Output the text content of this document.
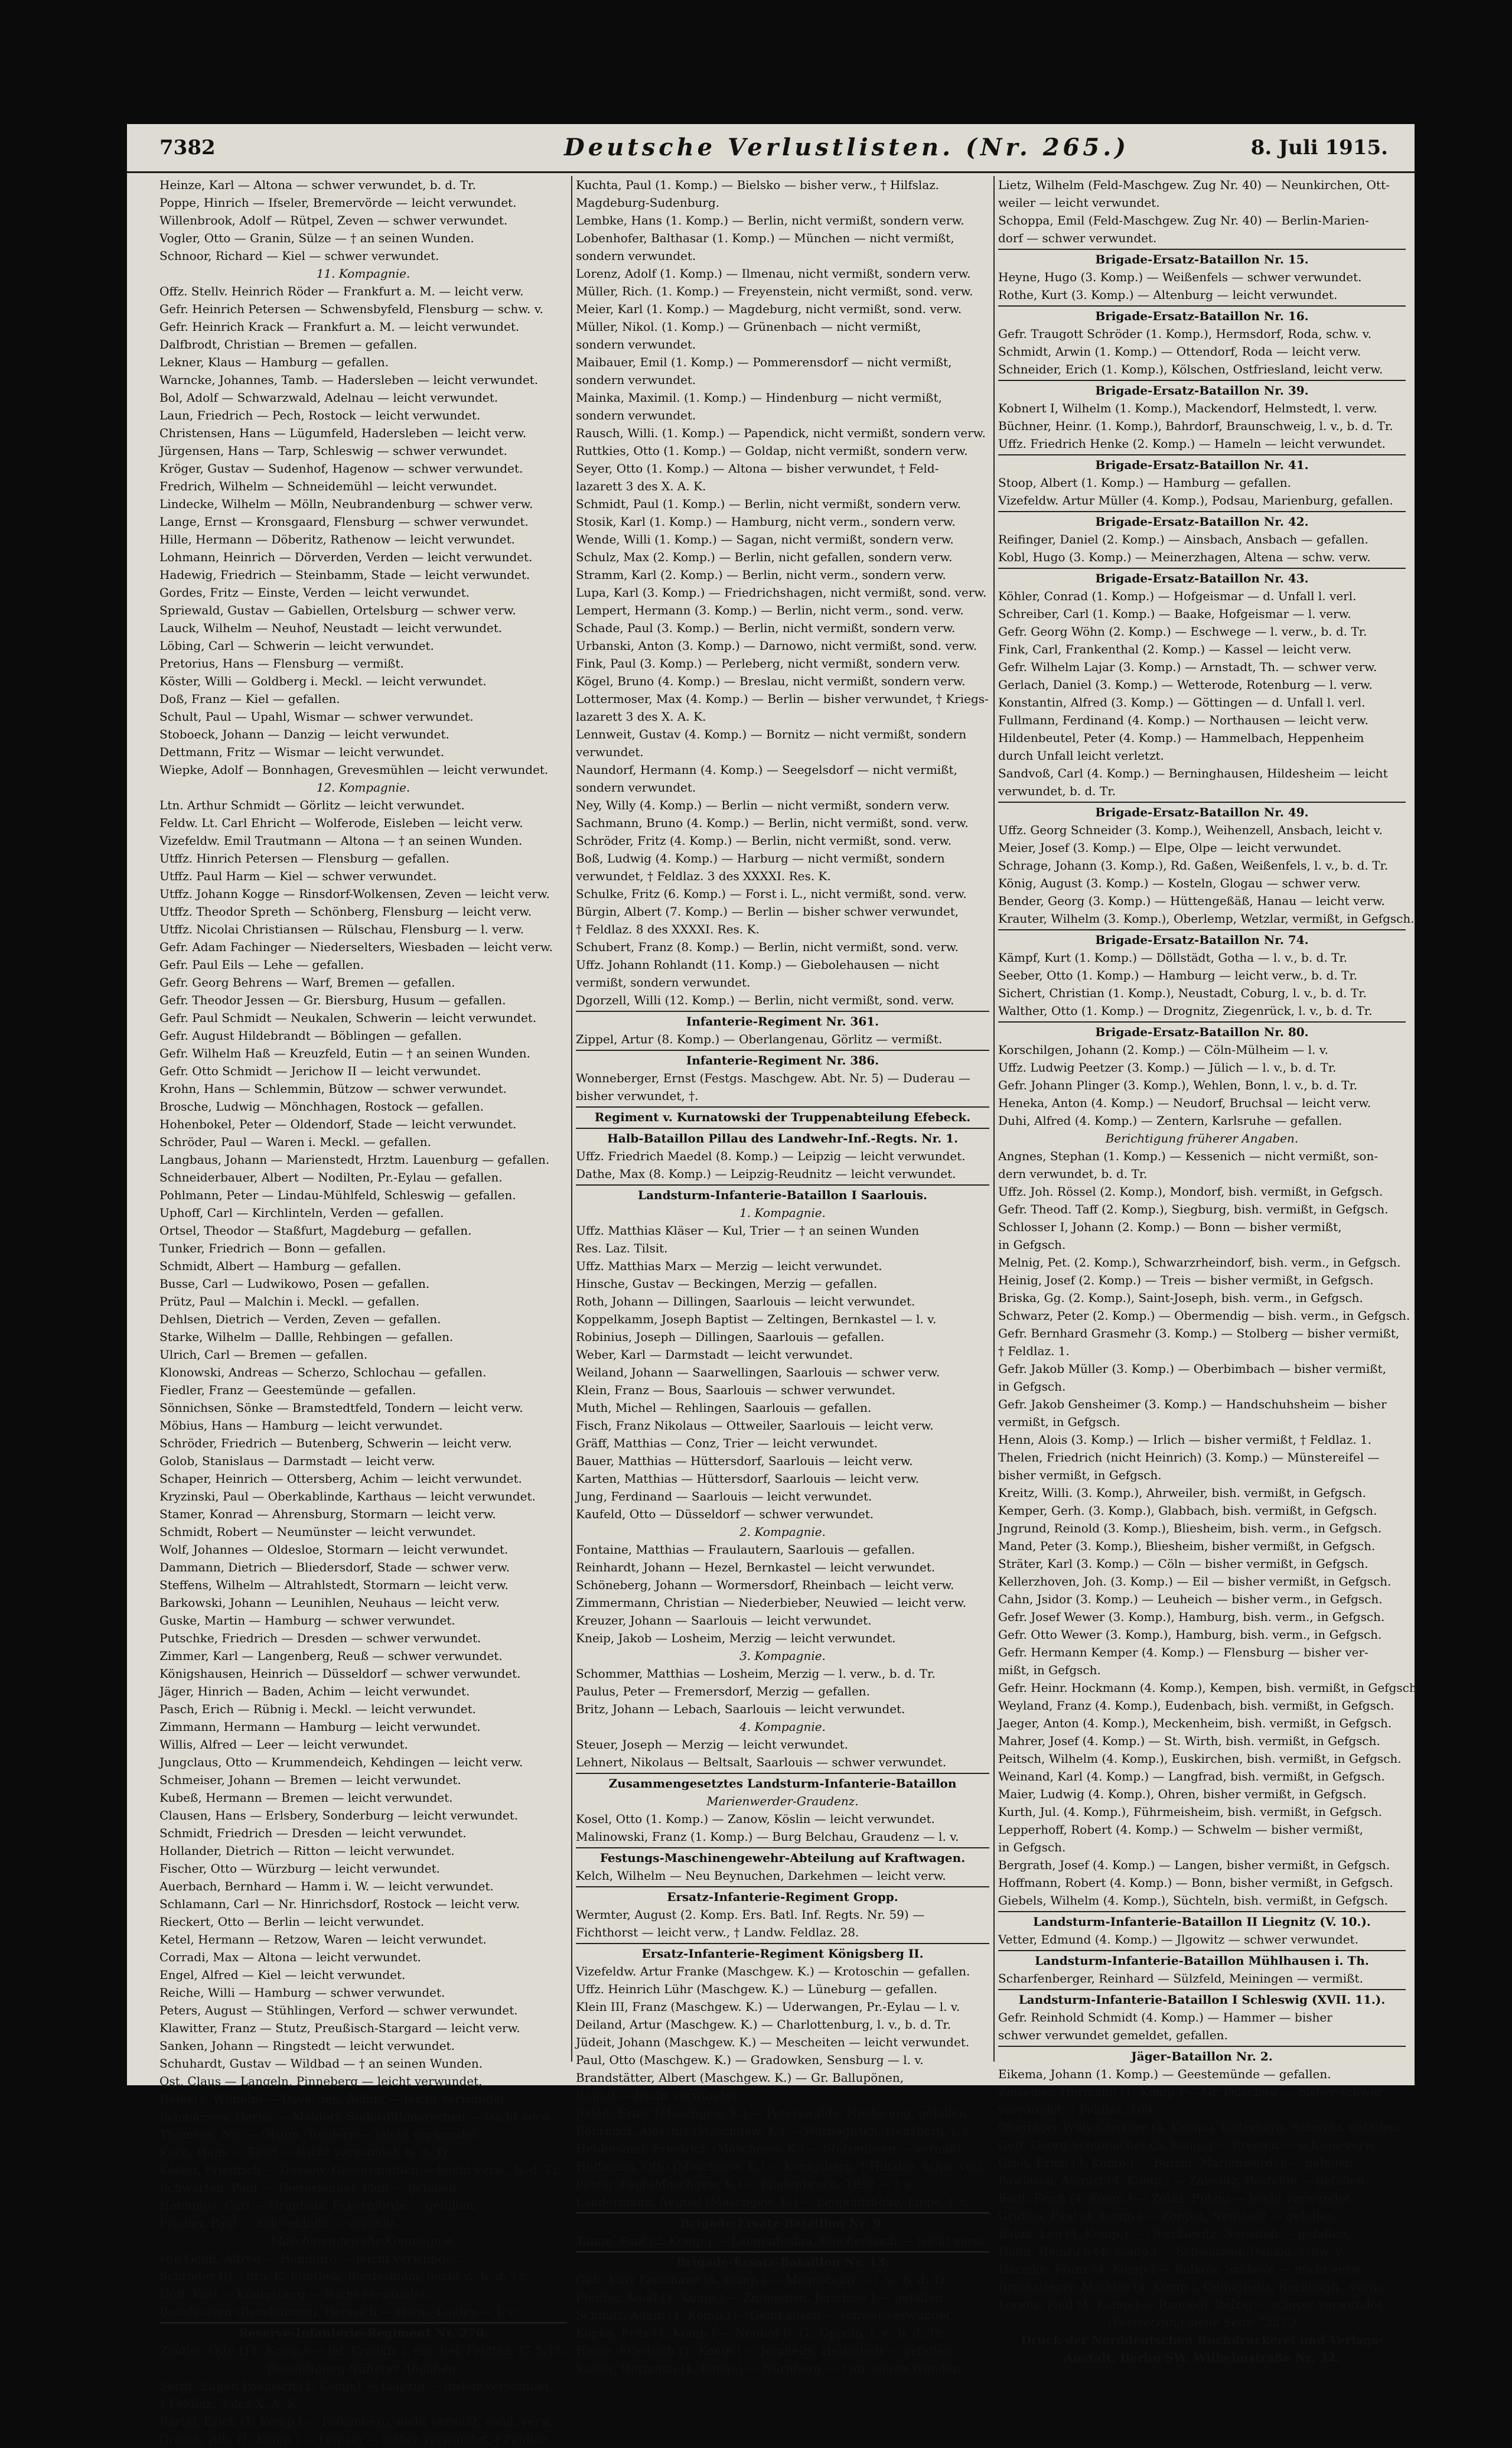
7382	Deutsche Verlustlisten. (Nr. 265.)	8. Juli 1915.
Heinze, Karl — Altona — schwer verwundet, b. d. Tr.
Poppe, Hinrich — Ifseler, Bremervörde — leicht verwundet.
Willenbrook, Adolf — Rütpel, Zeven — schwer verwundet.
Vogler, Otto — Granin, Sülze — † an seinen Wunden.
Schnoor, Richard — Kiel — schwer verwundet.
11. Kompagnie.
Offz. Stellv. Heinrich Röder — Frankfurt a. M. — leicht verw.
Gefr. Heinrich Petersen — Schwensbyfeld, Flensburg — schw. v.
Gefr. Heinrich Krack — Frankfurt a. M. — leicht verwundet.
Dalfbrodt, Christian — Bremen — gefallen.
Lekner, Klaus — Hamburg — gefallen.
Warncke, Johannes, Tamb. — Hadersleben — leicht verwundet.
Bol, Adolf — Schwarzwald, Adelnau — leicht verwundet.
Laun, Friedrich — Pech, Rostock — leicht verwundet.
Christensen, Hans — Lügumfeld, Hadersleben — leicht verw.
Jürgensen, Hans — Tarp, Schleswig — schwer verwundet.
Kröger, Gustav — Sudenhof, Hagenow — schwer verwundet.
Fredrich, Wilhelm — Schneidemühl — leicht verwundet.
Lindecke, Wilhelm — Mölln, Neubrandenburg — schwer verw.
Lange, Ernst — Kronsgaard, Flensburg — schwer verwundet.
Hille, Hermann — Döberitz, Rathenow — leicht verwundet.
Lohmann, Heinrich — Dörverden, Verden — leicht verwundet.
Hadewig, Friedrich — Steinbamm, Stade — leicht verwundet.
Gordes, Fritz — Einste, Verden — leicht verwundet.
Spriewald, Gustav — Gabiellen, Ortelsburg — schwer verw.
Lauck, Wilhelm — Neuhof, Neustadt — leicht verwundet.
Löbing, Carl — Schwerin — leicht verwundet.
Pretorius, Hans — Flensburg — vermißt.
Köster, Willi — Goldberg i. Meckl. — leicht verwundet.
Doß, Franz — Kiel — gefallen.
Schult, Paul — Upahl, Wismar — schwer verwundet.
Stoboeck, Johann — Danzig — leicht verwundet.
Dettmann, Fritz — Wismar — leicht verwundet.
Wiepke, Adolf — Bonnhagen, Grevesmühlen — leicht verwundet.
12. Kompagnie.
Ltn. Arthur Schmidt — Görlitz — leicht verwundet.
Feldw. Lt. Carl Ehricht — Wolferode, Eisleben — leicht verw.
Vizefeldw. Emil Trautmann — Altona — † an seinen Wunden.
Utffz. Hinrich Petersen — Flensburg — gefallen.
Utffz. Paul Harm — Kiel — schwer verwundet.
Utffz. Johann Kogge — Rinsdorf-Wolkensen, Zeven — leicht verw.
Utffz. Theodor Spreth — Schönberg, Flensburg — leicht verw.
Utffz. Nicolai Christiansen — Rülschau, Flensburg — l. verw.
Gefr. Adam Fachinger — Niederselters, Wiesbaden — leicht verw.
Gefr. Paul Eils — Lehe — gefallen.
Gefr. Georg Behrens — Warf, Bremen — gefallen.
Gefr. Theodor Jessen — Gr. Biersburg, Husum — gefallen.
Gefr. Paul Schmidt — Neukalen, Schwerin — leicht verwundet.
Gefr. August Hildebrandt — Böblingen — gefallen.
Gefr. Wilhelm Haß — Kreuzfeld, Eutin — † an seinen Wunden.
Gefr. Otto Schmidt — Jerichow II — leicht verwundet.
Krohn, Hans — Schlemmin, Bützow — schwer verwundet.
Brosche, Ludwig — Mönchhagen, Rostock — gefallen.
Hohenbokel, Peter — Oldendorf, Stade — leicht verwundet.
Schröder, Paul — Waren i. Meckl. — gefallen.
Langbaus, Johann — Marienstedt, Hrztm. Lauenburg — gefallen.
Schneiderbauer, Albert — Nodilten, Pr.-Eylau — gefallen.
Pohlmann, Peter — Lindau-Mühlfeld, Schleswig — gefallen.
Uphoff, Carl — Kirchlinteln, Verden — gefallen.
Ortsel, Theodor — Staßfurt, Magdeburg — gefallen.
Tunker, Friedrich — Bonn — gefallen.
Schmidt, Albert — Hamburg — gefallen.
Busse, Carl — Ludwikowo, Posen — gefallen.
Prütz, Paul — Malchin i. Meckl. — gefallen.
Dehlsen, Dietrich — Verden, Zeven — gefallen.
Starke, Wilhelm — Dallle, Rehbingen — gefallen.
Ulrich, Carl — Bremen — gefallen.
Klonowski, Andreas — Scherzo, Schlochau — gefallen.
Fiedler, Franz — Geestemünde — gefallen.
Sönnichsen, Sönke — Bramstedtfeld, Tondern — leicht verw.
Möbius, Hans — Hamburg — leicht verwundet.
Schröder, Friedrich — Butenberg, Schwerin — leicht verw.
Golob, Stanislaus — Darmstadt — leicht verw.
Schaper, Heinrich — Ottersberg, Achim — leicht verwundet.
Kryzinski, Paul — Oberkablinde, Karthaus — leicht verwundet.
Stamer, Konrad — Ahrensburg, Stormarn — leicht verw.
Schmidt, Robert — Neumünster — leicht verwundet.
Wolf, Johannes — Oldesloe, Stormarn — leicht verwundet.
Dammann, Dietrich — Bliedersdorf, Stade — schwer verw.
Steffens, Wilhelm — Altrahlstedt, Stormarn — leicht verw.
Barkowski, Johann — Leunihlen, Neuhaus — leicht verw.
Guske, Martin — Hamburg — schwer verwundet.
Putschke, Friedrich — Dresden — schwer verwundet.
Zimmer, Karl — Langenberg, Reuß — schwer verwundet.
Königshausen, Heinrich — Düsseldorf — schwer verwundet.
Jäger, Hinrich — Baden, Achim — leicht verwundet.
Pasch, Erich — Rübnig i. Meckl. — leicht verwundet.
Zimmann, Hermann — Hamburg — leicht verwundet.
Willis, Alfred — Leer — leicht verwundet.
Jungclaus, Otto — Krummendeich, Kehdingen — leicht verw.
Schmeiser, Johann — Bremen — leicht verwundet.
Kubeß, Hermann — Bremen — leicht verwundet.
Clausen, Hans — Erlsbery, Sonderburg — leicht verwundet.
Schmidt, Friedrich — Dresden — leicht verwundet.
Hollander, Dietrich — Ritton — leicht verwundet.
Fischer, Otto — Würzburg — leicht verwundet.
Auerbach, Bernhard — Hamm i. W. — leicht verwundet.
Schlamann, Carl — Nr. Hinrichsdorf, Rostock — leicht verw.
Rieckert, Otto — Berlin — leicht verwundet.
Ketel, Hermann — Retzow, Waren — leicht verwundet.
Corradi, Max — Altona — leicht verwundet.
Engel, Alfred — Kiel — leicht verwundet.
Reiche, Willi — Hamburg — schwer verwundet.
Peters, August — Stühlingen, Verford — schwer verwundet.
Klawitter, Franz — Stutz, Preußisch-Stargard — leicht verw.
Sanken, Johann — Ringstedt — leicht verwundet.
Schuhardt, Gustav — Wildbad — † an seinen Wunden.
Ost, Claus — Langeln, Pinneberg — leicht verwundet.
Delkers, Wilhelm — Daverden, Achim — leicht verwundet.
Schmarsow, Herm. — Meldorf, Süderdithmarschen — leicht verw.
Thomsen, Nis — Olsum, Tondern — leicht verwundet.
Koch, Hans — Tilsit — leicht verwundet, b. d. Tr.
Köster, Friedrich — Dassow, Grevesmühlen — leicht verw., b. d. Tr.
Schwarten, Paul — Theresienhof, Plön — gefallen.
Hennings, Carl — Grünholz, Eckernförde — gefallen.
Fischer, Paul — Schweidnitz — vermißt.
Maschinengewehr-Kompagnie.
von Gogh, Alfred — Hamburg — leicht verwundet.
Schröder III, Otto, K. Flintbek, Bordesholm, leicht v., b. d. Tr.
Hoff, Karl — Königsberg — leicht verwundet.
Beushausen (Benshausen), Heinrich — Hann.-Linden — l. v.
Reserve-Infanterie-Regiment Nr. 270.
Zeidler, Otto (11. Komp.) — inf. Krankh. i. ein. Rel. Feldlaz. 27.5.15.
Berichtigung früherer Angaben.
Sergt. Eugen Poenisch (1. Komp.) — Leipzig — bisher verwundet,
† Feldlaz. 3 des X. A. K.
Bartel, Erich (1. Komp.) — Falkenberg, nicht vermißt, sond. verw.
Grosch, Alb. (1. Komp.) — Leipzig — bisher verwundet, † Feldlaz.
Kuchta, Paul (1. Komp.) — Bielsko — bisher verw., † Hilfslaz.
Magdeburg-Sudenburg.
Lembke, Hans (1. Komp.) — Berlin, nicht vermißt, sondern verw.
Lobenhofer, Balthasar (1. Komp.) — München — nicht vermißt,
sondern verwundet.
Lorenz, Adolf (1. Komp.) — Ilmenau, nicht vermißt, sondern verw.
Müller, Rich. (1. Komp.) — Freyenstein, nicht vermißt, sond. verw.
Meier, Karl (1. Komp.) — Magdeburg, nicht vermißt, sond. verw.
Müller, Nikol. (1. Komp.) — Grünenbach — nicht vermißt,
sondern verwundet.
Maibauer, Emil (1. Komp.) — Pommerensdorf — nicht vermißt,
sondern verwundet.
Mainka, Maximil. (1. Komp.) — Hindenburg — nicht vermißt,
sondern verwundet.
Rausch, Willi. (1. Komp.) — Papendick, nicht vermißt, sondern verw.
Ruttkies, Otto (1. Komp.) — Goldap, nicht vermißt, sondern verw.
Seyer, Otto (1. Komp.) — Altona — bisher verwundet, † Feld-
lazarett 3 des X. A. K.
Schmidt, Paul (1. Komp.) — Berlin, nicht vermißt, sondern verw.
Stosik, Karl (1. Komp.) — Hamburg, nicht verm., sondern verw.
Wende, Willi (1. Komp.) — Sagan, nicht vermißt, sondern verw.
Schulz, Max (2. Komp.) — Berlin, nicht gefallen, sondern verw.
Stramm, Karl (2. Komp.) — Berlin, nicht verm., sondern verw.
Lupa, Karl (3. Komp.) — Friedrichshagen, nicht vermißt, sond. verw.
Lempert, Hermann (3. Komp.) — Berlin, nicht verm., sond. verw.
Schade, Paul (3. Komp.) — Berlin, nicht vermißt, sondern verw.
Urbanski, Anton (3. Komp.) — Darnowo, nicht vermißt, sond. verw.
Fink, Paul (3. Komp.) — Perleberg, nicht vermißt, sondern verw.
Kögel, Bruno (4. Komp.) — Breslau, nicht vermißt, sondern verw.
Lottermoser, Max (4. Komp.) — Berlin — bisher verwundet, † Kriegs-
lazarett 3 des X. A. K.
Lennweit, Gustav (4. Komp.) — Bornitz — nicht vermißt, sondern
verwundet.
Naundorf, Hermann (4. Komp.) — Seegelsdorf — nicht vermißt,
sondern verwundet.
Ney, Willy (4. Komp.) — Berlin — nicht vermißt, sondern verw.
Sachmann, Bruno (4. Komp.) — Berlin, nicht vermißt, sond. verw.
Schröder, Fritz (4. Komp.) — Berlin, nicht vermißt, sond. verw.
Boß, Ludwig (4. Komp.) — Harburg — nicht vermißt, sondern
verwundet, † Feldlaz. 3 des XXXXI. Res. K.
Schulke, Fritz (6. Komp.) — Forst i. L., nicht vermißt, sond. verw.
Bürgin, Albert (7. Komp.) — Berlin — bisher schwer verwundet,
† Feldlaz. 8 des XXXXI. Res. K.
Schubert, Franz (8. Komp.) — Berlin, nicht vermißt, sond. verw.
Uffz. Johann Rohlandt (11. Komp.) — Giebolehausen — nicht
vermißt, sondern verwundet.
Dgorzell, Willi (12. Komp.) — Berlin, nicht vermißt, sond. verw.
Infanterie-Regiment Nr. 361.
Zippel, Artur (8. Komp.) — Oberlangenau, Görlitz — vermißt.
Infanterie-Regiment Nr. 386.
Wonneberger, Ernst (Festgs. Maschgew. Abt. Nr. 5) — Duderau —
bisher verwundet, †.
Regiment v. Kurnatowski der Truppenabteilung Efebeck.
Halb-Bataillon Pillau des Landwehr-Inf.-Regts. Nr. 1.
Uffz. Friedrich Maedel (8. Komp.) — Leipzig — leicht verwundet.
Dathe, Max (8. Komp.) — Leipzig-Reudnitz — leicht verwundet.
Landsturm-Infanterie-Bataillon I Saarlouis.
1. Kompagnie.
Uffz. Matthias Kläser — Kul, Trier — † an seinen Wunden
Res. Laz. Tilsit.
Uffz. Matthias Marx — Merzig — leicht verwundet.
Hinsche, Gustav — Beckingen, Merzig — gefallen.
Roth, Johann — Dillingen, Saarlouis — leicht verwundet.
Koppelkamm, Joseph Baptist — Zeltingen, Bernkastel — l. v.
Robinius, Joseph — Dillingen, Saarlouis — gefallen.
Weber, Karl — Darmstadt — leicht verwundet.
Weiland, Johann — Saarwellingen, Saarlouis — schwer verw.
Klein, Franz — Bous, Saarlouis — schwer verwundet.
Muth, Michel — Rehlingen, Saarlouis — gefallen.
Fisch, Franz Nikolaus — Ottweiler, Saarlouis — leicht verw.
Gräff, Matthias — Conz, Trier — leicht verwundet.
Bauer, Matthias — Hüttersdorf, Saarlouis — leicht verw.
Karten, Matthias — Hüttersdorf, Saarlouis — leicht verw.
Jung, Ferdinand — Saarlouis — leicht verwundet.
Kaufeld, Otto — Düsseldorf — schwer verwundet.
2. Kompagnie.
Fontaine, Matthias — Fraulautern, Saarlouis — gefallen.
Reinhardt, Johann — Hezel, Bernkastel — leicht verwundet.
Schöneberg, Johann — Wormersdorf, Rheinbach — leicht verw.
Zimmermann, Christian — Niederbieber, Neuwied — leicht verw.
Kreuzer, Johann — Saarlouis — leicht verwundet.
Kneip, Jakob — Losheim, Merzig — leicht verwundet.
3. Kompagnie.
Schommer, Matthias — Losheim, Merzig — l. verw., b. d. Tr.
Paulus, Peter — Fremersdorf, Merzig — gefallen.
Britz, Johann — Lebach, Saarlouis — leicht verwundet.
4. Kompagnie.
Steuer, Joseph — Merzig — leicht verwundet.
Lehnert, Nikolaus — Beltsalt, Saarlouis — schwer verwundet.
Zusammengesetztes Landsturm-Infanterie-Bataillon
Marienwerder-Graudenz.
Kosel, Otto (1. Komp.) — Zanow, Köslin — leicht verwundet.
Malinowski, Franz (1. Komp.) — Burg Belchau, Graudenz — l. v.
Festungs-Maschinengewehr-Abteilung auf Kraftwagen.
Kelch, Wilhelm — Neu Beynuchen, Darkehmen — leicht verw.
Ersatz-Infanterie-Regiment Gropp.
Wermter, August (2. Komp. Ers. Batl. Inf. Regts. Nr. 59) —
Fichthorst — leicht verw., † Landw. Feldlaz. 28.
Ersatz-Infanterie-Regiment Königsberg II.
Vizefeldw. Artur Franke (Maschgew. K.) — Krotoschin — gefallen.
Uffz. Heinrich Lühr (Maschgew. K.) — Lüneburg — gefallen.
Klein III, Franz (Maschgew. K.) — Uderwangen, Pr.-Eylau — l. v.
Deiland, Artur (Maschgew. K.) — Charlottenburg, l. v., b. d. Tr.
Jüdeit, Johann (Maschgew. K.) — Mescheiten — leicht verwundet.
Paul, Otto (Maschgew. K.) — Gradowken, Sensburg — l. v.
Brandstätter, Albert (Maschgew. K.) — Gr. Ballupönen,
Ragnit — leicht verwundet.
Jödeit, Ernst (Maschgew. K.) — Peterswalde, Niederung, gefallen.
Böhrendt, Aloysius (Maschgew. K.) — Warnegitten, Heilsberg, l. v.
Heidemann, Friedrich (Maschgew. K.) — Stolzenberg — vermißt.
Hoffmann, Otto (Maschgew. K.) — Königsberg, † Hilfslaz. schw. verl.
Patzig, Paul (Maschgew. K.) — Lindenbruch, Tilsit — l. v.
Landermann, August (Maschgew. K.) — Leopoldshöhe, Lippe, l. v.
Brigade-Ersatz-Bataillon Nr. 9.
Tamm, Paul (2. Komp.) — Langenbielau, Reichenbach — leicht verw.
Brigade-Ersatz-Bataillon Nr. 13.
Gefr. Kurt Ferdinand (1. Komp.) — Magdeburg — l. v., b. d. Tr.
Pfeiffer, Adolf (1. Komp.) — Zipfeleben, Jerichow I — gefallen.
Schmitt, Adam (1. Komp.) — Gelnhausen — schwer verwundet.
Köpke, Fritz (1. Komp.) — Neuhof D. G., Oppeln, l. v., b. d. Tr.
Heine, Friedrich (1. Komp.) — Jerxheim, Helmstedt — gefallen.
Kaiser, Hermann (1. Komp.) — Nürnberg — † an seinen Wunden.
Lietz, Wilhelm (Feld-Maschgew. Zug Nr. 40) — Neunkirchen, Ott-
weiler — leicht verwundet.
Schoppa, Emil (Feld-Maschgew. Zug Nr. 40) — Berlin-Marien-
dorf — schwer verwundet.
Brigade-Ersatz-Bataillon Nr. 15.
Heyne, Hugo (3. Komp.) — Weißenfels — schwer verwundet.
Rothe, Kurt (3. Komp.) — Altenburg — leicht verwundet.
Brigade-Ersatz-Bataillon Nr. 16.
Gefr. Traugott Schröder (1. Komp.), Hermsdorf, Roda, schw. v.
Schmidt, Arwin (1. Komp.) — Ottendorf, Roda — leicht verw.
Schneider, Erich (1. Komp.), Kölschen, Ostfriesland, leicht verw.
Brigade-Ersatz-Bataillon Nr. 39.
Kobnert I, Wilhelm (1. Komp.), Mackendorf, Helmstedt, l. verw.
Büchner, Heinr. (1. Komp.), Bahrdorf, Braunschweig, l. v., b. d. Tr.
Uffz. Friedrich Henke (2. Komp.) — Hameln — leicht verwundet.
Brigade-Ersatz-Bataillon Nr. 41.
Stoop, Albert (1. Komp.) — Hamburg — gefallen.
Vizefeldw. Artur Müller (4. Komp.), Podsau, Marienburg, gefallen.
Brigade-Ersatz-Bataillon Nr. 42.
Reifinger, Daniel (2. Komp.) — Ainsbach, Ansbach — gefallen.
Kobl, Hugo (3. Komp.) — Meinerzhagen, Altena — schw. verw.
Brigade-Ersatz-Bataillon Nr. 43.
Köhler, Conrad (1. Komp.) — Hofgeismar — d. Unfall l. verl.
Schreiber, Carl (1. Komp.) — Baake, Hofgeismar — l. verw.
Gefr. Georg Wöhn (2. Komp.) — Eschwege — l. verw., b. d. Tr.
Fink, Carl, Frankenthal (2. Komp.) — Kassel — leicht verw.
Gefr. Wilhelm Lajar (3. Komp.) — Arnstadt, Th. — schwer verw.
Gerlach, Daniel (3. Komp.) — Wetterode, Rotenburg — l. verw.
Konstantin, Alfred (3. Komp.) — Göttingen — d. Unfall l. verl.
Fullmann, Ferdinand (4. Komp.) — Northausen — leicht verw.
Hildenbeutel, Peter (4. Komp.) — Hammelbach, Heppenheim
durch Unfall leicht verletzt.
Sandvoß, Carl (4. Komp.) — Berninghausen, Hildesheim — leicht
verwundet, b. d. Tr.
Brigade-Ersatz-Bataillon Nr. 49.
Uffz. Georg Schneider (3. Komp.), Weihenzell, Ansbach, leicht v.
Meier, Josef (3. Komp.) — Elpe, Olpe — leicht verwundet.
Schrage, Johann (3. Komp.), Rd. Gaßen, Weißenfels, l. v., b. d. Tr.
König, August (3. Komp.) — Kosteln, Glogau — schwer verw.
Bender, Georg (3. Komp.) — Hüttengeßäß, Hanau — leicht verw.
Krauter, Wilhelm (3. Komp.), Oberlemp, Wetzlar, vermißt, in Gefgsch.
Brigade-Ersatz-Bataillon Nr. 74.
Kämpf, Kurt (1. Komp.) — Döllstädt, Gotha — l. v., b. d. Tr.
Seeber, Otto (1. Komp.) — Hamburg — leicht verw., b. d. Tr.
Sichert, Christian (1. Komp.), Neustadt, Coburg, l. v., b. d. Tr.
Walther, Otto (1. Komp.) — Drognitz, Ziegenrück, l. v., b. d. Tr.
Brigade-Ersatz-Bataillon Nr. 80.
Korschilgen, Johann (2. Komp.) — Cöln-Mülheim — l. v.
Uffz. Ludwig Peetzer (3. Komp.) — Jülich — l. v., b. d. Tr.
Gefr. Johann Plinger (3. Komp.), Wehlen, Bonn, l. v., b. d. Tr.
Heneka, Anton (4. Komp.) — Neudorf, Bruchsal — leicht verw.
Duhi, Alfred (4. Komp.) — Zentern, Karlsruhe — gefallen.
Berichtigung früherer Angaben.
Angnes, Stephan (1. Komp.) — Kessenich — nicht vermißt, son-
dern verwundet, b. d. Tr.
Uffz. Joh. Rössel (2. Komp.), Mondorf, bish. vermißt, in Gefgsch.
Gefr. Theod. Taff (2. Komp.), Siegburg, bish. vermißt, in Gefgsch.
Schlosser I, Johann (2. Komp.) — Bonn — bisher vermißt,
in Gefgsch.
Melnig, Pet. (2. Komp.), Schwarzrheindorf, bish. verm., in Gefgsch.
Heinig, Josef (2. Komp.) — Treis — bisher vermißt, in Gefgsch.
Briska, Gg. (2. Komp.), Saint-Joseph, bish. verm., in Gefgsch.
Schwarz, Peter (2. Komp.) — Obermendig — bish. verm., in Gefgsch.
Gefr. Bernhard Grasmehr (3. Komp.) — Stolberg — bisher vermißt,
† Feldlaz. 1.
Gefr. Jakob Müller (3. Komp.) — Oberbimbach — bisher vermißt,
in Gefgsch.
Gefr. Jakob Gensheimer (3. Komp.) — Handschuhsheim — bisher
vermißt, in Gefgsch.
Henn, Alois (3. Komp.) — Irlich — bisher vermißt, † Feldlaz. 1.
Thelen, Friedrich (nicht Heinrich) (3. Komp.) — Münstereifel —
bisher vermißt, in Gefgsch.
Kreitz, Willi. (3. Komp.), Ahrweiler, bish. vermißt, in Gefgsch.
Kemper, Gerh. (3. Komp.), Glabbach, bish. vermißt, in Gefgsch.
Jngrund, Reinold (3. Komp.), Bliesheim, bish. verm., in Gefgsch.
Mand, Peter (3. Komp.), Bliesheim, bisher vermißt, in Gefgsch.
Sträter, Karl (3. Komp.) — Cöln — bisher vermißt, in Gefgsch.
Kellerzhoven, Joh. (3. Komp.) — Eil — bisher vermißt, in Gefgsch.
Cahn, Jsidor (3. Komp.) — Leuheich — bisher verm., in Gefgsch.
Gefr. Josef Wewer (3. Komp.), Hamburg, bish. verm., in Gefgsch.
Gefr. Otto Wewer (3. Komp.), Hamburg, bish. verm., in Gefgsch.
Gefr. Hermann Kemper (4. Komp.) — Flensburg — bisher ver-
mißt, in Gefgsch.
Gefr. Heinr. Hockmann (4. Komp.), Kempen, bish. vermißt, in Gefgsch.
Weyland, Franz (4. Komp.), Eudenbach, bish. vermißt, in Gefgsch.
Jaeger, Anton (4. Komp.), Meckenheim, bish. vermißt, in Gefgsch.
Mahrer, Josef (4. Komp.) — St. Wirth, bish. vermißt, in Gefgsch.
Peitsch, Wilhelm (4. Komp.), Euskirchen, bish. vermißt, in Gefgsch.
Weinand, Karl (4. Komp.) — Langfrad, bish. vermißt, in Gefgsch.
Maier, Ludwig (4. Komp.), Ohren, bisher vermißt, in Gefgsch.
Kurth, Jul. (4. Komp.), Führmeisheim, bish. vermißt, in Gefgsch.
Lepperhoff, Robert (4. Komp.) — Schwelm — bisher vermißt,
in Gefgsch.
Bergrath, Josef (4. Komp.) — Langen, bisher vermißt, in Gefgsch.
Hoffmann, Robert (4. Komp.) — Bonn, bisher vermißt, in Gefgsch.
Giebels, Wilhelm (4. Komp.), Süchteln, bish. vermißt, in Gefgsch.
Landsturm-Infanterie-Bataillon II Liegnitz (V. 10.).
Vetter, Edmund (4. Komp.) — Jlgowitz — schwer verwundet.
Landsturm-Infanterie-Bataillon Mühlhausen i. Th.
Scharfenberger, Reinhard — Sülzfeld, Meiningen — vermißt.
Landsturm-Infanterie-Bataillon I Schleswig (XVII. 11.).
Gefr. Reinhold Schmidt (4. Komp.) — Hammer — bisher
schwer verwundet gemeldet, gefallen.
Jäger-Bataillon Nr. 2.
Eikema, Johann (1. Komp.) — Geestemünde — gefallen.
Ziesemer, Hermann (1. Komp.) — Gr. Pelschow — bisher schwer
verwundet, † Feldlaz. 109.
Oberjäger Willy Gleixner (3. Komp.), Unterberg, Schwetz, gefallen.
Gefr. Georg Schumacher (3. Komp.) — Bremen — schwer verw.
Groß, Erich (4. Komp.) — Butzin, Marienwerder — gefallen.
Pawlasch, August (4. Komp.) — Zabelitz, Dasfelde — gefallen.
Bodt, Erich (4. Komp.) — Zoblz, Putzig — leicht verwundet.
Grubba, Paul (4. Komp.) — Zoppot, Neustadt — gefallen.
Baluk, Leo (4. Komp.) — Oberkowitz, Neustadt — gefallen.
Hahn, Heinrich (4. Komp.) — Schwarzau, Danzig, schw. v.
Harmke, Franz (4. Komp.) — Bulkow, Schlawe — leicht verw.
Brockstieger, Mathias (4. Komp.), Oelinghaus, Recklingh., verm.
Lorenz, Paul (4. Komp.) — Riemegl, Belzig — schwer verwundet.
(Fortsetzung siehe Seite 7383.)
Druck der Norddeutschen Buchdruckerei und Verlags-Anstalt, Berlin SW, Wilhelmstraße Nr. 32.
